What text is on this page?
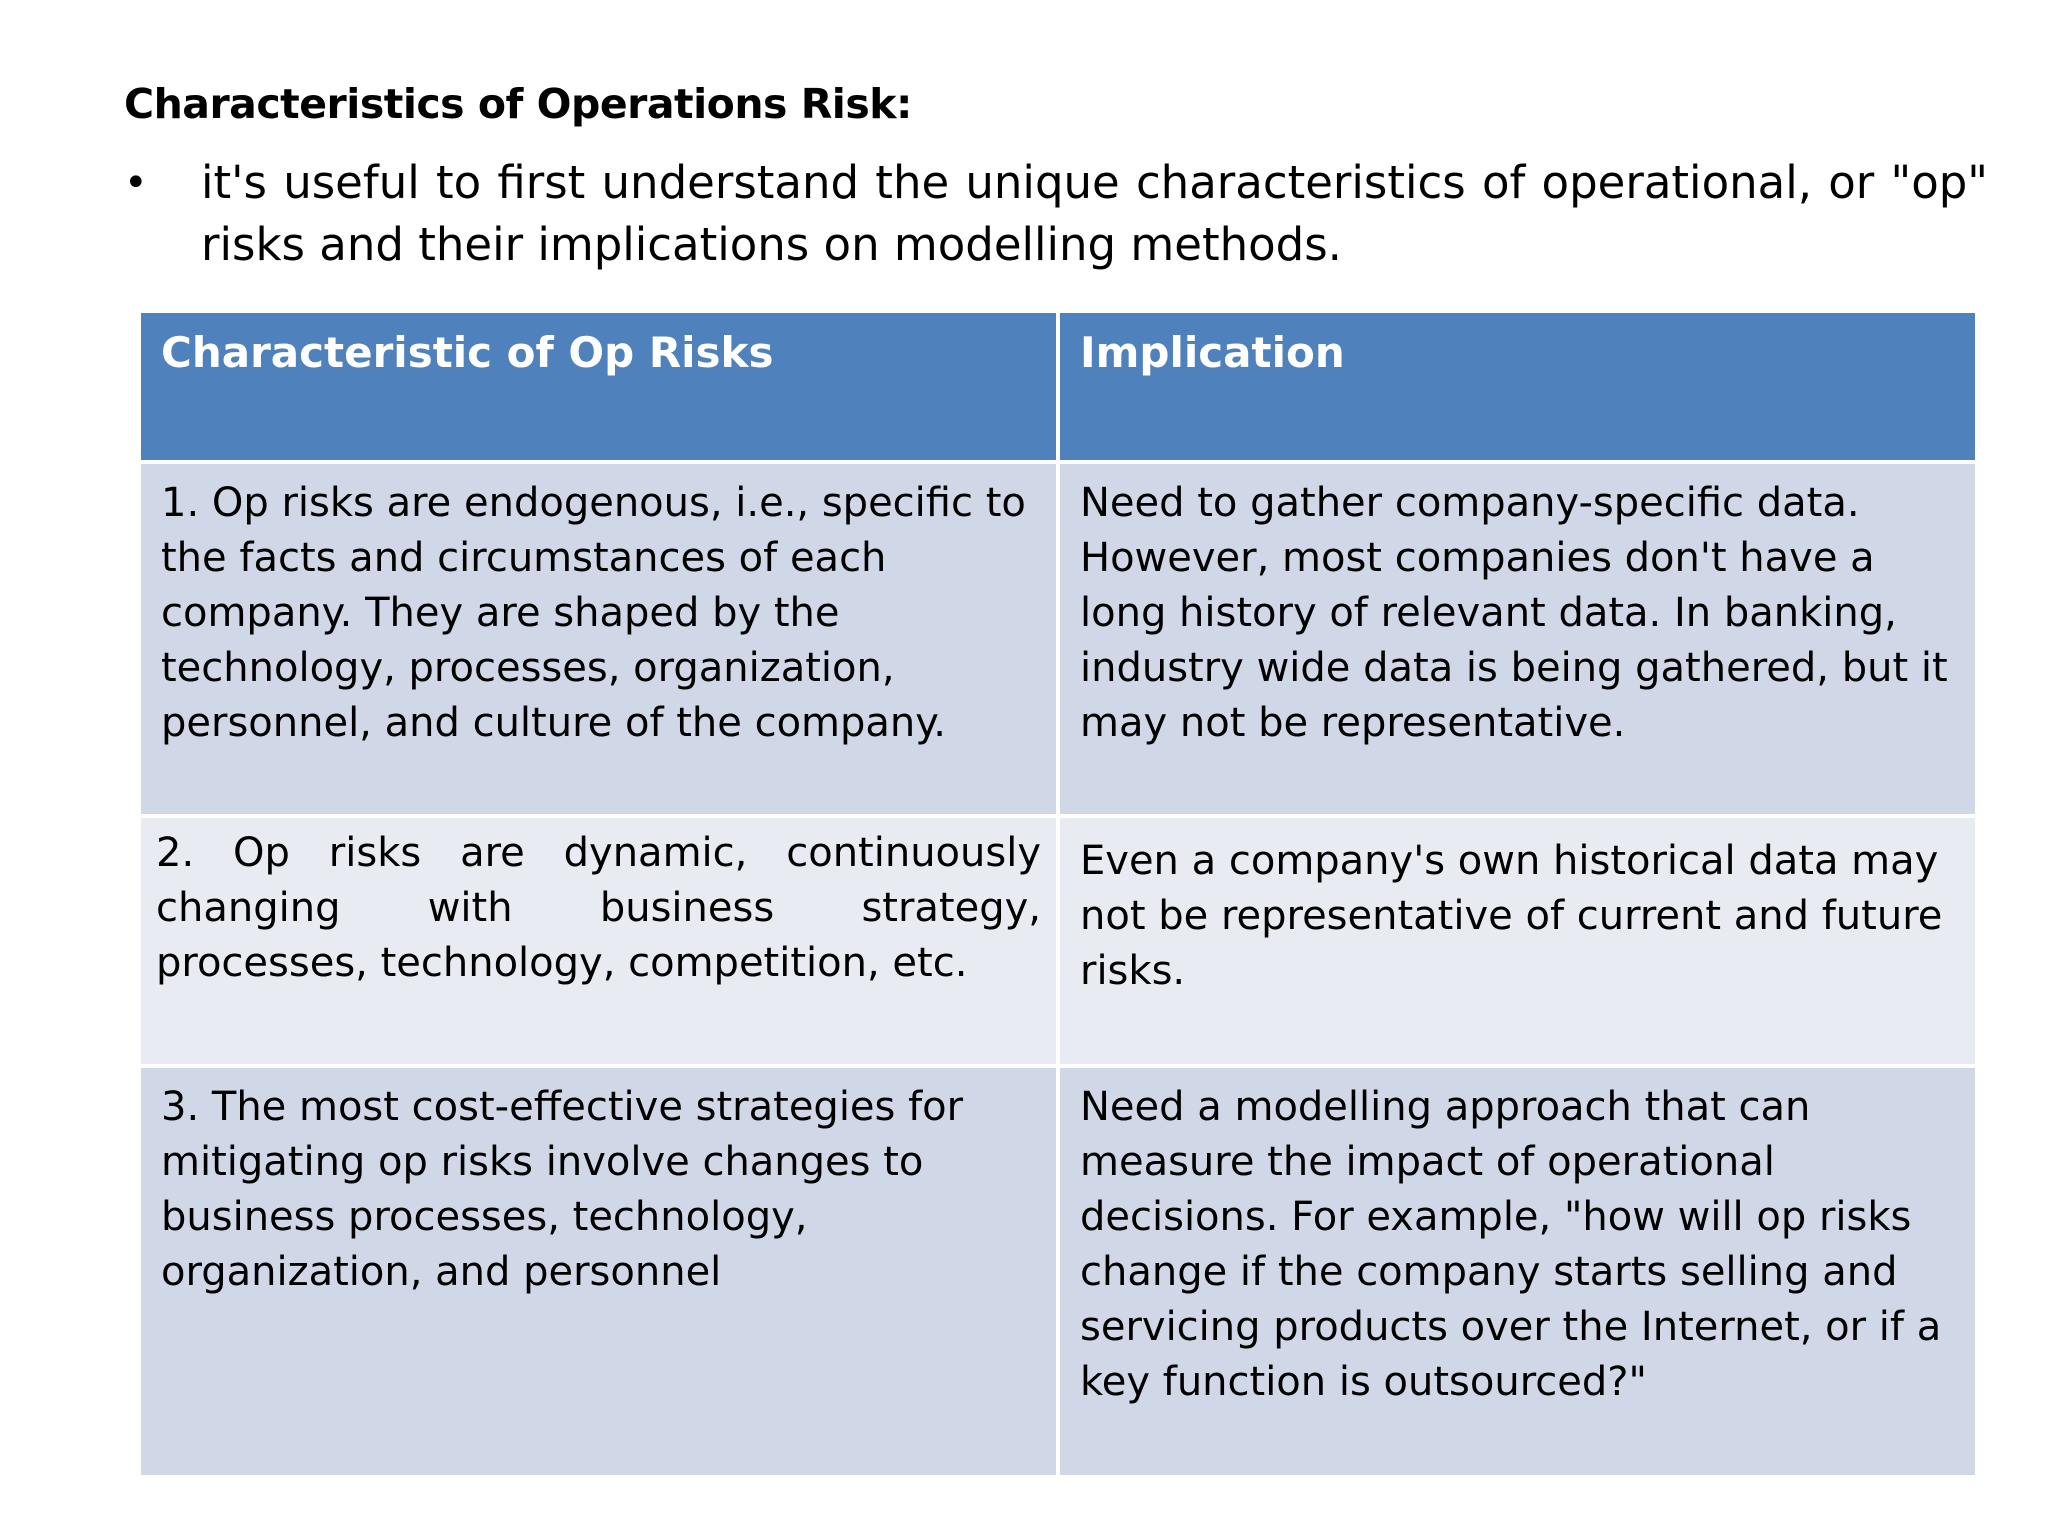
Characteristics of Operations Risk:
•	it's useful to first understand the unique characteristics of operational, or "op" risks and their implications on modelling methods.
Characteristic of Op Risks	Implication
1. Op risks are endogenous, i.e., specific to the facts and circumstances of each company. They are shaped by the technology, processes, organization, personnel, and culture of the company.	Need to gather company-specific data. However, most companies don't have a long history of relevant data. In banking, industry wide data is being gathered, but it may not be representative.
2. Op risks are dynamic, continuously changing with business strategy, processes, technology, competition, etc.	Even a company's own historical data may not be representative of current and future risks.
3. The most cost-effective strategies for mitigating op risks involve changes to business processes, technology, organization, and personnel	Need a modelling approach that can measure the impact of operational decisions. For example, "how will op risks change if the company starts selling and servicing products over the Internet, or if a key function is outsourced?"
